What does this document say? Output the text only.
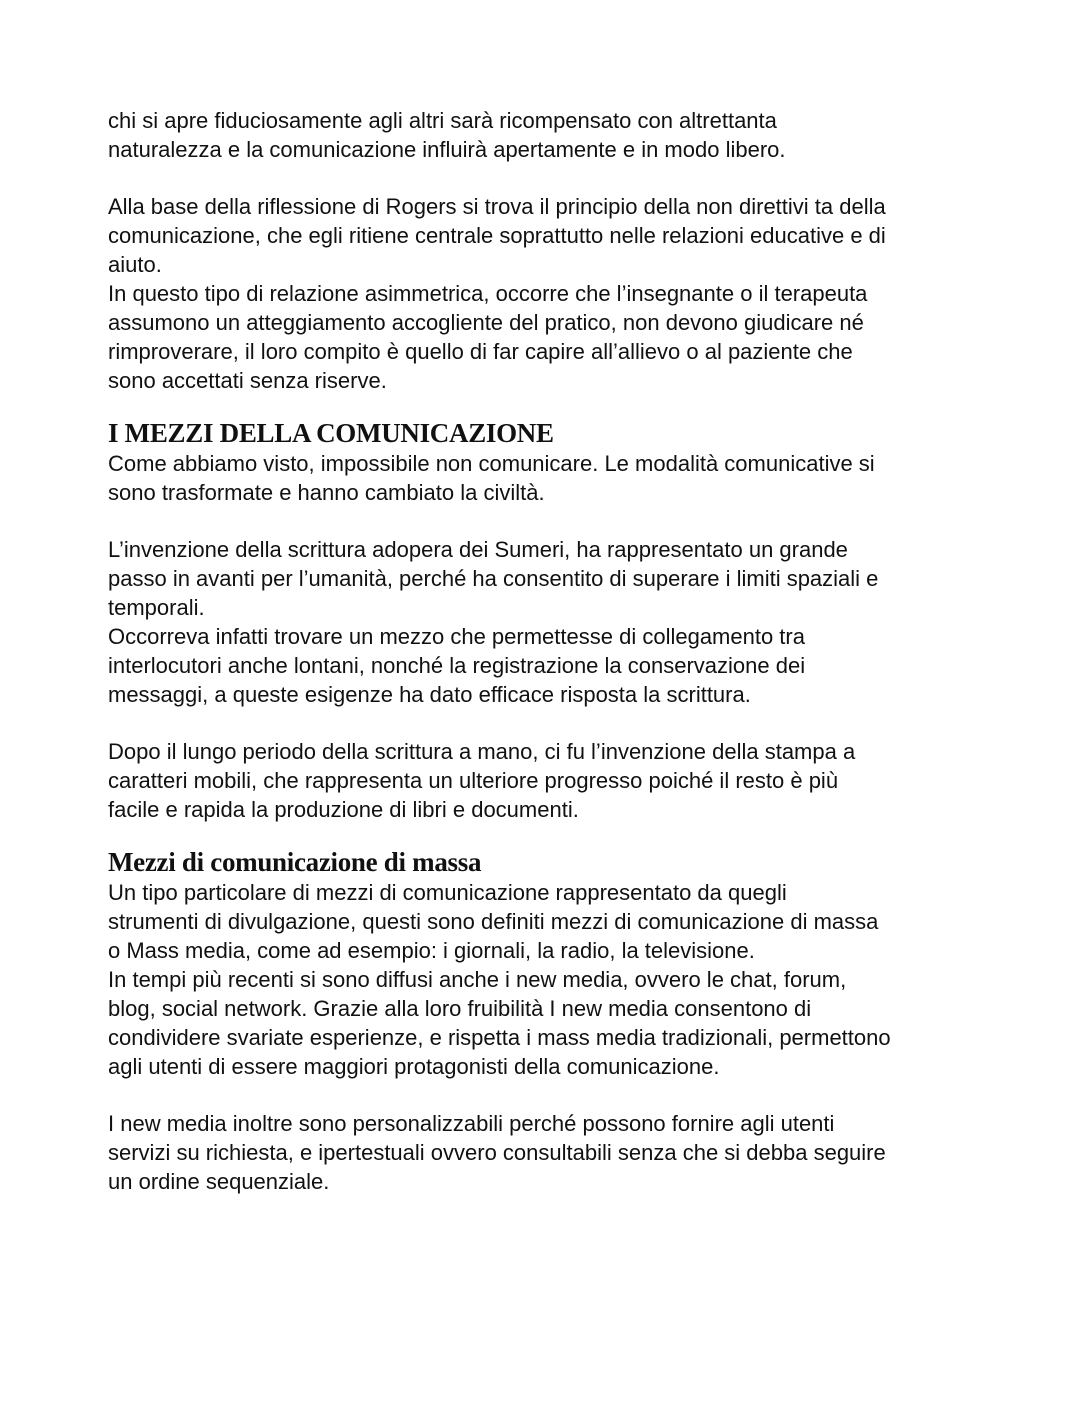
chi si apre fiduciosamente agli altri sarà ricompensato con altrettanta
naturalezza e la comunicazione influirà apertamente e in modo libero.

Alla base della riflessione di Rogers si trova il principio della non direttivi ta della
comunicazione, che egli ritiene centrale soprattutto nelle relazioni educative e di
aiuto.
In questo tipo di relazione asimmetrica, occorre che l’insegnante o il terapeuta
assumono un atteggiamento accogliente del pratico, non devono giudicare né
rimproverare, il loro compito è quello di far capire all’allievo o al paziente che
sono accettati senza riserve.

I MEZZI DELLA COMUNICAZIONE

Come abbiamo visto, impossibile non comunicare. Le modalità comunicative si
sono trasformate e hanno cambiato la civiltà.

L’invenzione della scrittura adopera dei Sumeri, ha rappresentato un grande
passo in avanti per l’umanità, perché ha consentito di superare i limiti spaziali e
temporali.
Occorreva infatti trovare un mezzo che permettesse di collegamento tra
interlocutori anche lontani, nonché la registrazione la conservazione dei
messaggi, a queste esigenze ha dato efficace risposta la scrittura.

Dopo il lungo periodo della scrittura a mano, ci fu l’invenzione della stampa a
caratteri mobili, che rappresenta un ulteriore progresso poiché il resto è più
facile e rapida la produzione di libri e documenti.

Mezzi di comunicazione di massa

Un tipo particolare di mezzi di comunicazione rappresentato da quegli
strumenti di divulgazione, questi sono definiti mezzi di comunicazione di massa
o Mass media, come ad esempio: i giornali, la radio, la televisione.
In tempi più recenti si sono diffusi anche i new media, ovvero le chat, forum,
blog, social network. Grazie alla loro fruibilità I new media consentono di
condividere svariate esperienze, e rispetta i mass media tradizionali, permettono
agli utenti di essere maggiori protagonisti della comunicazione.

I new media inoltre sono personalizzabili perché possono fornire agli utenti
servizi su richiesta, e ipertestuali ovvero consultabili senza che si debba seguire
un ordine sequenziale.
